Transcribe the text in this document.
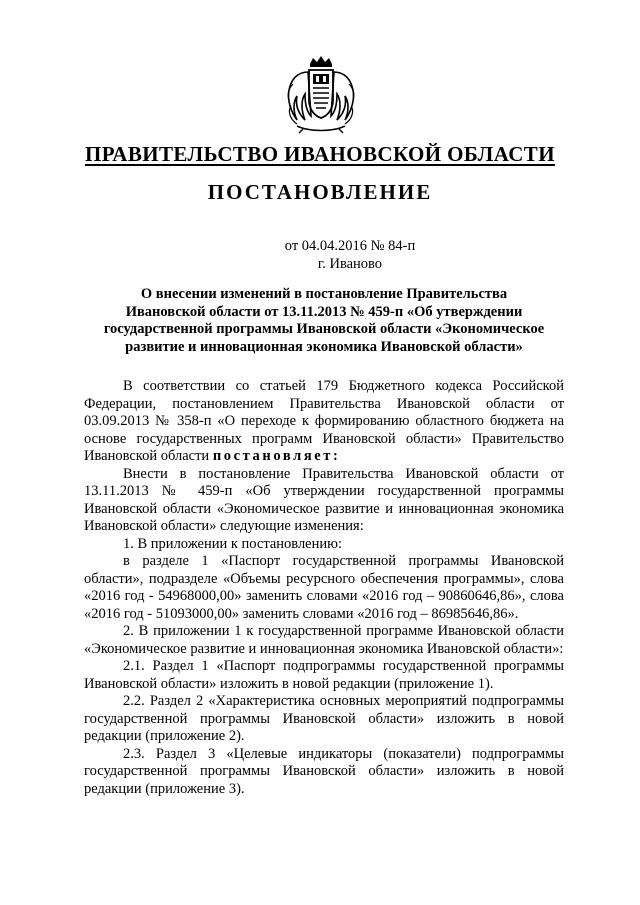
ПРАВИТЕЛЬСТВО ИВАНОВСКОЙ ОБЛАСТИ
ПОСТАНОВЛЕНИЕ
от 04.04.2016 № 84-п
г. Иваново
О внесении изменений в постановление Правительства
Ивановской области от 13.11.2013 № 459-п «Об утверждении
государственной программы Ивановской области «Экономическое
развитие и инновационная экономика Ивановской области»

В соответствии со статьей 179 Бюджетного кодекса Российской Федерации, постановлением Правительства Ивановской области от 03.09.2013 № 358-п «О переходе к формированию областного бюджета на основе государственных программ Ивановской области» Правительство Ивановской области постановляет:

Внести в постановление Правительства Ивановской области от 13.11.2013 № 459-п «Об утверждении государственной программы Ивановской области «Экономическое развитие и инновационная экономика Ивановской области» следующие изменения:

1. В приложении к постановлению:

в разделе 1 «Паспорт государственной программы Ивановской области», подразделе «Объемы ресурсного обеспечения программы», слова «2016 год - 54968000,00» заменить словами «2016 год – 90860646,86», слова «2016 год - 51093000,00» заменить словами «2016 год – 86985646,86».

2. В приложении 1 к государственной программе Ивановской области «Экономическое развитие и инновационная экономика Ивановской области»:

2.1. Раздел 1 «Паспорт подпрограммы государственной программы Ивановской области» изложить в новой редакции (приложение 1).

2.2. Раздел 2 «Характеристика основных мероприятий подпрограммы государственной программы Ивановской области» изложить в новой редакции (приложение 2).

2.3. Раздел 3 «Целевые индикаторы (показатели) подпрограммы государственной программы Ивановской области» изложить в новой редакции (приложение 3).
